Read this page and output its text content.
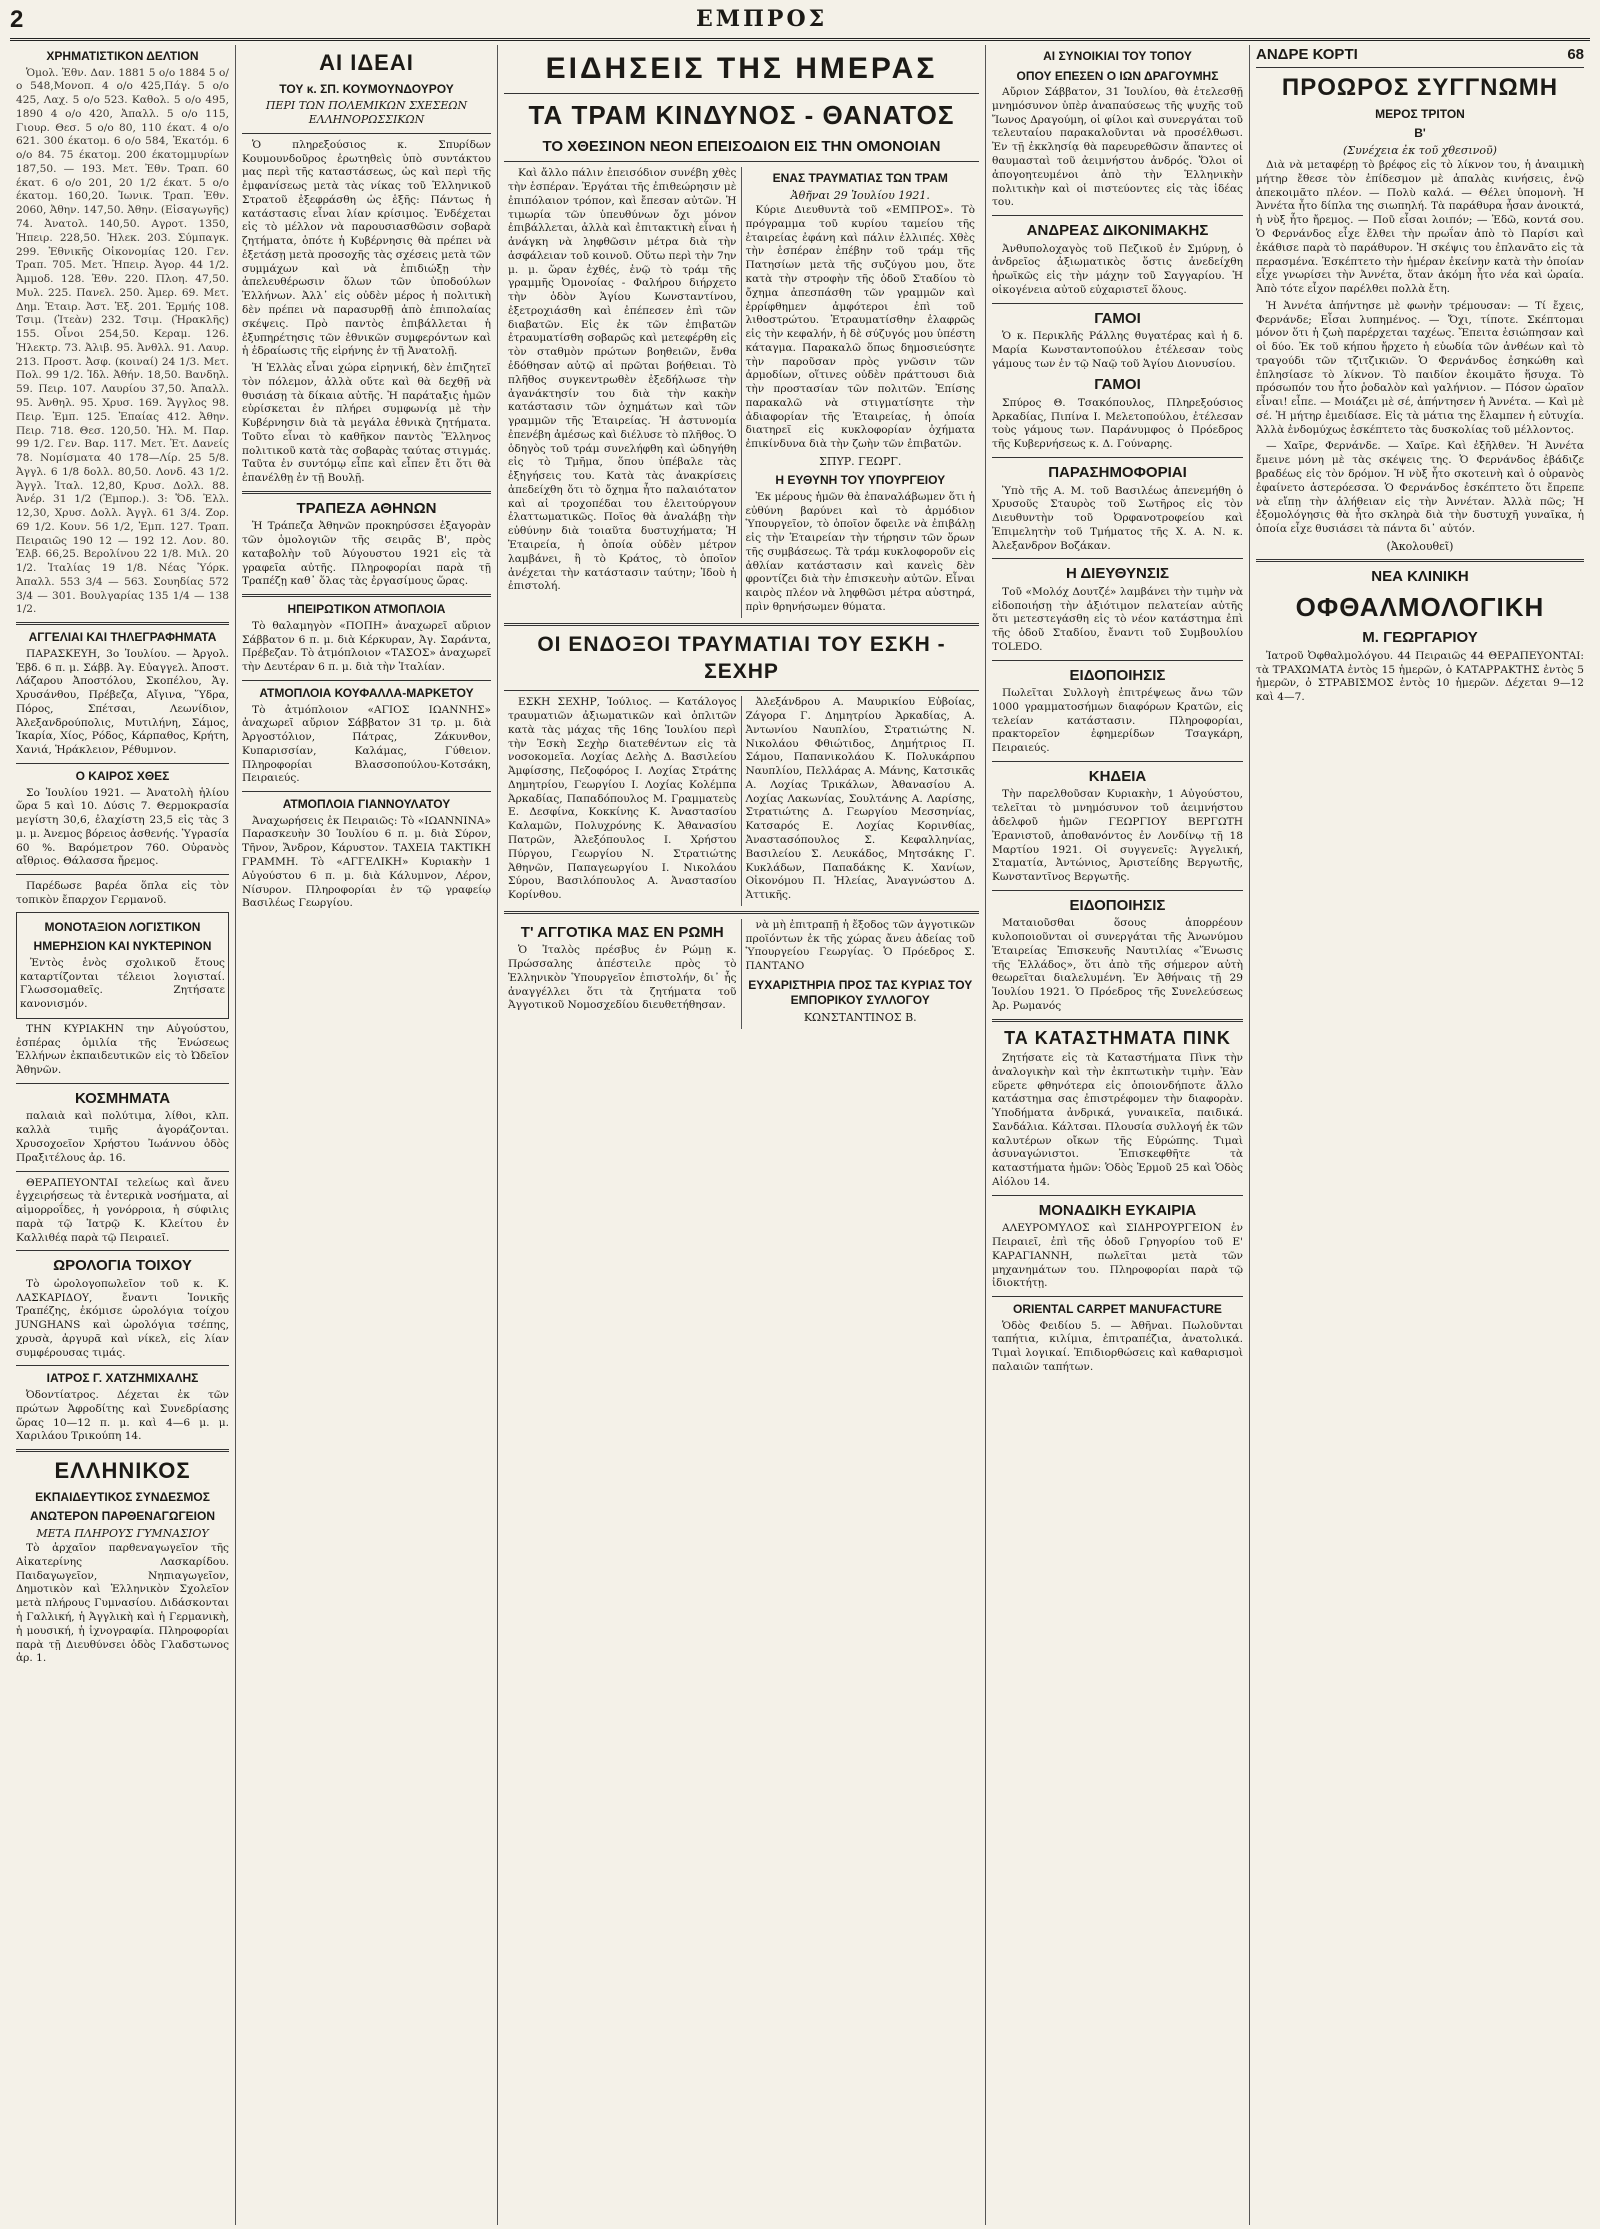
2	ΕΜΠΡΟΣ
ΧΡΗΜΑΤΙΣΤΙΚΟΝ ΔΕΛΤΙΟΝ

Ὁμολ. Ἐθν. Δαν. 1881 5 ο/ο 1884 5 ο/ο 548,Μονοπ. 4 ο/ο 425,Πάγ. 5 ο/ο 425, Λαχ. 5 ο/ο 523. Καθολ. 5 ο/ο 495, 1890 4 ο/ο 420, Ἀπαλλ. 5 ο/ο 115, Γιουρ. Θεσ. 5 ο/ο 80, 110 έκατ. 4 ο/ο 621. 300 έκατομ. 6 ο/ο 584, Ἐκατόμ. 6 ο/ο 84. 75 έκατομ. 200 έκατομμυρίων 187,50. — 193. Μετ. Ἐθν. Τραπ. 60 έκατ. 6 ο/ο 201, 20 1/2 έκατ. 5 ο/ο έκατομ. 160,20. Ἰωνικ. Τραπ. Ἐθν. 2060, Ἀθην. 147,50. Ἀθην. (Εἰσαγωγῆς) 74. Ἀνατολ. 140,50. Αγροτ. 1350, Ἠπειρ. 228,50. Ἠλεκ. 203. Σύμπαγκ. 299. Ἐθνικῆς Οἰκονομίας 120. Γεν. Τραπ. 705. Μετ. Ἠπειρ. Ἀγορ. 44 1/2. Ἀμμοδ. 128. Ἐθν. 220. Πλοη. 47,50. Μυλ. 225. Πανελ. 250. Ἀμερ. 69. Μετ. Δημ. Ἐταιρ. Ἀστ. Ἐξ. 201. Ἑρμής 108. Τσιμ. (Ἰτεὰν) 232. Τσιμ. (Ἡρακλῆς) 155. Οἶνοι 254,50. Κεραμ. 126. Ἠλεκτρ. 73. Ἀλιβ. 95. Ἀνθλλ. 91. Λαυρ. 213. Προστ. Ἀσφ. (κοιναί) 24 1/3. Μετ. Πολ. 99 1/2. Ἰδλ. Ἀθήν. 18,50. Βανδηλ. 59. Πειρ. 107. Λαυρίου 37,50. Ἀπαλλ. 95. Ἀνθηλ. 95. Χρυσ. 169. Ἄγγλος 98. Πειρ. Ἐμπ. 125. Ἐπαίας 412. Ἀθην. Πειρ. 718. Θεσ. 120,50. Ἠλ. Μ. Παρ. 99 1/2. Γεν. Βαρ. 117. Μετ. Ἐτ. Δανείς 78. Νομίσματα 40 178—Λίρ. 25 5/8. Ἀγγλ. 6 1/8 δολλ. 80,50. Λονδ. 43 1/2. Ἀγγλ. Ἰταλ. 12,80, Κρυσ. Δολλ. 88. Ἀνέρ. 31 1/2 (Ἐμπορ.). 3: Ὅδ. Ἐλλ. 12,30, Χρυσ. Δολλ. Ἀγγλ. 61 3/4. Ζορ. 69 1/2. Κουν. 56 1/2, Ἐμπ. 127. Τραπ. Πειραιῶς 190 12 — 192 12. Λον. 80. Ἐλβ. 66,25. Βερολίνου 22 1/8. Μιλ. 20 1/2. Ἰταλίας 19 1/8. Νέας Ὑόρκ. Ἀπαλλ. 553 3/4 — 563. Σουηδίας 572 3/4 — 301. Βουλγαρίας 135 1/4 — 138 1/2.

ΑΓΓΕΛΙΑΙ ΚΑΙ ΤΗΛΕΓΡΑΦΗΜΑΤΑ

ΠΑΡΑΣΚΕΥΗ, 3ο Ἰουλίου. — Ἀργολ. Ἐβδ. 6 π. μ. Σάββ. Ἀγ. Εὐαγγελ. Ἀποστ. Λάζαρου Ἀποστόλου, Σκοπέλου, Ἁγ. Χρυσάνθου, Πρέβεζα, Αἴγινα, Ὕδρα, Πόρος, Σπέτσαι, Λεωνίδιον, Ἀλεξανδρούπολις, Μυτιλήνη, Σάμος, Ἰκαρία, Χίος, Ρόδος, Κάρπαθος, Κρήτη, Χανιά, Ἡράκλειον, Ρέθυμνον.

Ο ΚΑΙΡΟΣ ΧΘΕΣ

Σο Ἰουλίου 1921. — Ἀνατολὴ ἡλίου ὥρα 5 καὶ 10. Δύσις 7. Θερμοκρασία μεγίστη 30,6, ἐλαχίστη 23,5 εἰς τὰς 3 μ. μ. Ἀνεμος βόρειος ἀσθενής. Ὑγρασία 60 %. Βαρόμετρον 760. Οὐρανὸς αἴθριος. Θάλασσα ἤρεμος.

Παρέδωσε βαρέα ὅπλα εἰς τὸν τοπικὸν ἔπαρχον Γερμανοῦ.

ΜΟΝΟΤΑΞΙΟΝ ΛΟΓΙΣΤΙΚΟΝ
ΗΜΕΡΗΣΙΟΝ ΚΑΙ ΝΥΚΤΕΡΙΝΟΝ

Ἐντὸς ἑνὸς σχολικοῦ ἔτους καταρτίζονται τέλειοι λογισταί. Γλωσσομαθεῖς. Ζητήσατε κανονισμόν.

ΤΗΝ ΚΥΡΙΑΚΗΝ την Αὐγούστου, ἐσπέρας ὁμιλία τῆς Ἑνώσεως Ἑλλήνων ἐκπαιδευτικῶν εἰς τὸ Ὠδεῖον Ἀθηνῶν.

ΚΟΣΜΗΜΑΤΑ

παλαιὰ καὶ πολύτιμα, λίθοι, κλπ. καλλὰ τιμῆς ἀγοράζονται. Χρυσοχοεῖον Χρήστου Ἰωάννου ὁδὸς Πραξιτέλους ἀρ. 16.

ΘΕΡΑΠΕΥΟΝΤΑΙ τελείως καὶ ἄνευ ἐγχειρήσεως τὰ ἐντερικὰ νοσήματα, αἱ αἱμορροΐδες, ἡ γονόρροια, ἡ σύφιλις παρὰ τῷ Ἰατρῷ Κ. Κλείτου ἐν Καλλιθέᾳ παρὰ τῷ Πειραιεῖ.

ΩΡΟΛΟΓΙΑ ΤΟΙΧΟΥ

Τὸ ὡρολογοπωλεῖον τοῦ κ. Κ. ΛΑΣΚΑΡΙΔΟΥ, ἔναντι Ἰονικῆς Τραπέζης, ἐκόμισε ὡρολόγια τοίχου JUNGHANS καὶ ὡρολόγια τσέπης, χρυσὰ, ἀργυρᾶ καὶ νίκελ, εἰς λίαν συμφέρουσας τιμάς.

ΙΑΤΡΟΣ Γ. ΧΑΤΖΗΜΙΧΑΛΗΣ

Ὀδοντίατρος. Δέχεται ἐκ τῶν πρώτων Ἀφροδίτης καὶ Συνεδρίασης ὥρας 10—12 π. μ. καὶ 4—6 μ. μ. Χαριλάου Τρικούπη 14.

ΕΛΛΗΝΙΚΟΣ
ΕΚΠΑΙΔΕΥΤΙΚΟΣ ΣΥΝΔΕΣΜΟΣ
ΑΝΩΤΕΡΟΝ ΠΑΡΘΕΝΑΓΩΓΕΙΟΝ
ΜΕΤΑ ΠΛΗΡΟΥΣ ΓΥΜΝΑΣΙΟΥ

Τὸ ἀρχαῖον παρθεναγωγεῖον τῆς Αἰκατερίνης Λασκαρίδου. Παιδαγωγεῖον, Νηπιαγωγεῖον, Δημοτικὸν καὶ Ἑλληνικὸν Σχολεῖον μετὰ πλήρους Γυμνασίου. Διδάσκονται ἡ Γαλλική, ἡ Ἀγγλικὴ καὶ ἡ Γερμανικὴ, ἡ μουσική, ἡ ἰχνογραφία. Πληροφορίαι παρὰ τῇ Διευθύνσει ὁδὸς Γλαδστωνος ἀρ. 1.

ΑΙ ΙΔΕΑΙ
ΤΟΥ κ. ΣΠ. ΚΟΥΜΟΥΝΔΟΥΡΟΥ
ΠΕΡΙ ΤΩΝ ΠΟΛΕΜΙΚΩΝ ΣΧΕΣΕΩΝ ΕΛΛΗΝΟΡΩΣΣΙΚΩΝ

Ὁ πληρεξούσιος κ. Σπυρίδων Κουμουνδοῦρος ἐρωτηθεὶς ὑπὸ συντάκτου μας περὶ τῆς καταστάσεως, ὡς καὶ περὶ τῆς ἐμφανίσεως μετὰ τὰς νίκας τοῦ Ἑλληνικοῦ Στρατοῦ ἐξεφράσθη ὡς ἑξῆς: Πάντως ἡ κατάστασις εἶναι λίαν κρίσιμος. Ἐνδέχεται εἰς τὸ μέλλον νὰ παρουσιασθῶσιν σοβαρὰ ζητήματα, ὁπότε ἡ Κυβέρνησις θὰ πρέπει νὰ ἐξετάσῃ μετὰ προσοχῆς τὰς σχέσεις μετὰ τῶν συμμάχων καὶ νὰ ἐπιδιώξῃ τὴν ἀπελευθέρωσιν ὅλων τῶν ὑποδούλων Ἑλλήνων. Ἀλλ᾽ εἰς οὐδὲν μέρος ἡ πολιτικὴ δὲν πρέπει νὰ παρασυρθῇ ἀπὸ ἐπιπολαίας σκέψεις. Πρὸ παντὸς ἐπιβάλλεται ἡ ἐξυπηρέτησις τῶν ἐθνικῶν συμφερόντων καὶ ἡ ἐδραίωσις τῆς εἰρήνης ἐν τῇ Ἀνατολῇ.

Ἡ Ἑλλὰς εἶναι χώρα εἰρηνική, δὲν ἐπιζητεῖ τὸν πόλεμον, ἀλλὰ οὔτε καὶ θὰ δεχθῇ νὰ θυσιάσῃ τὰ δίκαια αὐτῆς. Ἡ παράταξις ἡμῶν εὑρίσκεται ἐν πλήρει συμφωνίᾳ μὲ τὴν Κυβέρνησιν διὰ τὰ μεγάλα ἐθνικὰ ζητήματα. Τοῦτο εἶναι τὸ καθῆκον παντὸς Ἕλληνος πολιτικοῦ κατὰ τὰς σοβαρὰς ταύτας στιγμάς. Ταῦτα ἐν συντόμῳ εἶπε καὶ εἶπεν ἔτι ὅτι θὰ ἐπανέλθῃ ἐν τῇ Βουλῇ.

ΤΡΑΠΕΖΑ ΑΘΗΝΩΝ

Ἡ Τράπεζα Ἀθηνῶν προκηρύσσει ἐξαγορὰν τῶν ὁμολογιῶν τῆς σειρᾶς Β', πρὸς καταβολὴν τοῦ Ἀύγουστου 1921 εἰς τὰ γραφεῖα αὐτῆς. Πληροφορίαι παρὰ τῇ Τραπέζῃ καθ᾽ ὅλας τὰς ἐργασίμους ὥρας.

ΗΠΕΙΡΩΤΙΚΟΝ ΑΤΜΟΠΛΟΙΑ

Τὸ θαλαμηγὸν «ΠΟΠΗ» ἀναχωρεῖ αὔριον Σάββατον 6 π. μ. διὰ Κέρκυραν, Ἀγ. Σαράντα, Πρέβεζαν. Τὸ ἀτμόπλοιον «ΤΑΣΟΣ» ἀναχωρεῖ τὴν Δευτέραν 6 π. μ. διὰ τὴν Ἰταλίαν.

ΑΤΜΟΠΛΟΙΑ ΚΟΥΦΑΛΛΑ-ΜΑΡΚΕΤΟΥ

Τὸ ἀτμόπλοιον «ΑΓΙΟΣ ΙΩΑΝΝΗΣ» ἀναχωρεῖ αὔριον Σάββατον 31 τρ. μ. διὰ Ἀργοστόλιον, Πάτρας, Ζάκυνθον, Κυπαρισσίαν, Καλάμας, Γύθειον. Πληροφορίαι Βλασσοπούλου-Κοτσάκη, Πειραιεύς.

ΑΤΜΟΠΛΟΙΑ ΓΙΑΝΝΟΥΛΑΤΟΥ

Ἀναχωρήσεις ἐκ Πειραιῶς: Τὸ «ΙΩΑΝΝΙΝΑ» Παρασκευὴν 30 Ἰουλίου 6 π. μ. διὰ Σύρον, Τῆνον, Ἄνδρον, Κάρυστον. ΤΑΧΕΙΑ ΤΑΚΤΙΚΗ ΓΡΑΜΜΗ. Τὸ «ΑΓΓΕΛΙΚΗ» Κυριακὴν 1 Αὐγούστου 6 π. μ. διὰ Κάλυμνον, Λέρον, Νίσυρον. Πληροφορίαι ἐν τῷ γραφείῳ Βασιλέως Γεωργίου.

ΕΙΔΗΣΕΙΣ ΤΗΣ ΗΜΕΡΑΣ
ΤΑ ΤΡΑΜ ΚΙΝΔΥΝΟΣ - ΘΑΝΑΤΟΣ
ΤΟ ΧΘΕΣΙΝΟΝ ΝΕΟΝ ΕΠΕΙΣΟΔΙΟΝ ΕΙΣ ΤΗΝ ΟΜΟΝΟΙΑΝ

Καὶ ἄλλο πάλιν ἐπεισόδιον συνέβη χθὲς τὴν ἑσπέραν. Ἐργάται τῆς ἐπιθεώρησιν μὲ ἐπιπόλαιον τρόπον, καὶ ἔπεσαν αὐτῶν. Ἡ τιμωρία τῶν ὑπευθύνων ὄχι μόνον ἐπιβάλλεται, ἀλλὰ καὶ ἐπιτακτικὴ εἶναι ἡ ἀνάγκη νὰ ληφθῶσιν μέτρα διὰ τὴν ἀσφάλειαν τοῦ κοινοῦ. Οὕτω περὶ τὴν 7ην μ. μ. ὥραν ἐχθές, ἐνῷ τὸ τράμ τῆς γραμμῆς Ὀμονοίας - Φαλήρου διήρχετο τὴν ὁδὸν Ἁγίου Κωνσταντίνου, ἐξετροχιάσθη καὶ ἐπέπεσεν ἐπὶ τῶν διαβατῶν. Εἰς ἐκ τῶν ἐπιβατῶν ἐτραυματίσθη σοβαρῶς καὶ μετεφέρθη εἰς τὸν σταθμὸν πρώτων βοηθειῶν, ἔνθα ἐδόθησαν αὐτῷ αἱ πρῶται βοήθειαι. Τὸ πλῆθος συγκεντρωθὲν ἐξεδήλωσε τὴν ἀγανάκτησίν του διὰ τὴν κακὴν κατάστασιν τῶν ὀχημάτων καὶ τῶν γραμμῶν τῆς Ἑταιρείας. Ἡ ἀστυνομία ἐπενέβη ἀμέσως καὶ διέλυσε τὸ πλῆθος. Ὁ ὁδηγὸς τοῦ τράμ συνελήφθη καὶ ὡδηγήθη εἰς τὸ Τμῆμα, ὅπου ὑπέβαλε τὰς ἐξηγήσεις του. Κατὰ τὰς ἀνακρίσεις ἀπεδείχθη ὅτι τὸ ὄχημα ἦτο παλαιότατον καὶ αἱ τροχοπέδαι του ἐλειτούργουν ἐλαττωματικῶς. Ποῖος θὰ ἀναλάβῃ τὴν εὐθύνην διὰ τοιαῦτα δυστυχήματα; Ἡ Ἑταιρεία, ἡ ὁποία οὐδὲν μέτρον λαμβάνει, ἢ τὸ Κράτος, τὸ ὁποῖον ἀνέχεται τὴν κατάστασιν ταύτην; Ἰδοὺ ἡ ἐπιστολή.

ΕΝΑΣ ΤΡΑΥΜΑΤΙΑΣ ΤΩΝ ΤΡΑΜ
Ἀθῆναι 29 Ἰουλίου 1921.

Κύριε Διευθυντὰ τοῦ «ΕΜΠΡΟΣ». Τὸ πρόγραμμα τοῦ κυρίου ταμείου τῆς ἑταιρείας ἐφάνη καὶ πάλιν ἐλλιπές. Χθὲς τὴν ἑσπέραν ἐπέβην τοῦ τράμ τῆς Πατησίων μετὰ τῆς συζύγου μου, ὅτε κατὰ τὴν στροφὴν τῆς ὁδοῦ Σταδίου τὸ ὄχημα ἀπεσπάσθη τῶν γραμμῶν καὶ ἐρρίφθημεν ἀμφότεροι ἐπὶ τοῦ λιθοστρώτου. Ἐτραυματίσθην ἐλαφρῶς εἰς τὴν κεφαλήν, ἡ δὲ σύζυγός μου ὑπέστη κάταγμα. Παρακαλῶ ὅπως δημοσιεύσητε τὴν παροῦσαν πρὸς γνῶσιν τῶν ἀρμοδίων, οἵτινες οὐδὲν πράττουσι διὰ τὴν προστασίαν τῶν πολιτῶν. Ἐπίσης παρακαλῶ νὰ στιγματίσητε τὴν ἀδιαφορίαν τῆς Ἑταιρείας, ἡ ὁποία διατηρεῖ εἰς κυκλοφορίαν ὀχήματα ἐπικίνδυνα διὰ τὴν ζωὴν τῶν ἐπιβατῶν.

ΣΠΥΡ. ΓΕΩΡΓ.
Η ΕΥΘΥΝΗ ΤΟΥ ΥΠΟΥΡΓΕΙΟΥ

Ἐκ μέρους ἡμῶν θὰ ἐπαναλάβωμεν ὅτι ἡ εὐθύνη βαρύνει καὶ τὸ ἁρμόδιον Ὑπουργεῖον, τὸ ὁποῖον ὄφειλε νὰ ἐπιβάλῃ εἰς τὴν Ἑταιρείαν τὴν τήρησιν τῶν ὅρων τῆς συμβάσεως. Τὰ τράμ κυκλοφοροῦν εἰς ἀθλίαν κατάστασιν καὶ κανεὶς δὲν φροντίζει διὰ τὴν ἐπισκευὴν αὐτῶν. Εἶναι καιρὸς πλέον νὰ ληφθῶσι μέτρα αὐστηρά, πρὶν θρηνήσωμεν θύματα.

ΟΙ ΕΝΔΟΞΟΙ ΤΡΑΥΜΑΤΙΑΙ ΤΟΥ ΕΣΚΗ - ΣΕΧΗΡ

ΕΣΚΗ ΣΕΧΗΡ, Ἰούλιος. — Κατάλογος τραυματιῶν ἀξιωματικῶν καὶ ὁπλιτῶν κατὰ τὰς μάχας τῆς 16ης Ἰουλίου περὶ τὴν Ἐσκὴ Σεχὴρ διατεθέντων εἰς τὰ νοσοκομεῖα. Λοχίας Δελὴς Δ. Βασιλείου Ἀμφίσσης, Πεζοφόρος Ι. Λοχίας Στράτης Δημητρίου, Γεωργίου Ι. Λοχίας Κολέμπα Ἀρκαδίας, Παπαδόπουλος Μ. Γραμματεὺς Ε. Δεσφίνα, Κοκκίνης Κ. Ἀναστασίου Καλαμῶν, Πολυχρόνης Κ. Ἀθανασίου Πατρῶν, Ἀλεξόπουλος Ι. Χρήστου Πύργου, Γεωργίου Ν. Στρατιώτης Ἀθηνῶν, Παπαγεωργίου Ι. Νικολάου Σύρου, Βασιλόπουλος Α. Ἀναστασίου Κορίνθου.

Ἀλεξάνδρου Α. Μαυρικίου Εὐβοίας, Ζάγορα Γ. Δημητρίου Ἀρκαδίας, Α. Ἀντωνίου Ναυπλίου, Στρατιώτης Ν. Νικολάου Φθιώτιδος, Δημήτριος Π. Σάμου, Παπανικολάου Κ. Πολυκάρπου Ναυπλίου, Πελλάρας Α. Μάνης, Κατσικᾶς Α. Λοχίας Τρικάλων, Ἀθανασίου Α. Λοχίας Λακωνίας, Σουλτάνης Α. Λαρίσης, Στρατιώτης Δ. Γεωργίου Μεσσηνίας, Κατσαρός Ε. Λοχίας Κορινθίας, Ἀναστασόπουλος Σ. Κεφαλληνίας, Βασιλείου Σ. Λευκάδος, Μητσάκης Γ. Κυκλάδων, Παπαδάκης Κ. Χανίων, Οἰκονόμου Π. Ἠλείας, Ἀναγνώστου Δ. Ἀττικῆς.

Τ' ΑΓΓΟΤΙΚΑ ΜΑΣ ΕΝ ΡΩΜΗ

Ὁ Ἰταλὸς πρέσβυς ἐν Ρώμῃ κ. Πρώσσαλης ἀπέστειλε πρὸς τὸ Ἑλληνικὸν Ὑπουργεῖον ἐπιστολήν, δι᾽ ἧς ἀναγγέλλει ὅτι τὰ ζητήματα τοῦ Ἀγγοτικοῦ Νομοσχεδίου διευθετήθησαν.

νὰ μὴ ἐπιτραπῇ ἡ ἔξοδος τῶν ἀγγοτικῶν προϊόντων ἐκ τῆς χώρας ἄνευ ἀδείας τοῦ Ὑπουργείου Γεωργίας. Ὁ Πρόεδρος Σ. ΠΑΝΤΑΝΟ

ΕΥΧΑΡΙΣΤΗΡΙΑ ΠΡΟΣ ΤΑΣ ΚΥΡΙΑΣ ΤΟΥ ΕΜΠΟΡΙΚΟΥ ΣΥΛΛΟΓΟΥ
ΚΩΝΣΤΑΝΤΙΝΟΣ Β.
ΑΙ ΣΥΝΟΙΚΙΑΙ ΤΟΥ ΤΟΠΟΥ
ΟΠΟΥ ΕΠΕΣΕΝ Ο ΙΩΝ ΔΡΑΓΟΥΜΗΣ

Αὔριον Σάββατον, 31 Ἰουλίου, θὰ ἐτελεσθῇ μνημόσυνον ὑπὲρ ἀναπαύσεως τῆς ψυχῆς τοῦ Ἴωνος Δραγούμη, οἱ φίλοι καὶ συνεργάται τοῦ τελευταίου παρακαλοῦνται νὰ προσέλθωσι. Ἐν τῇ ἐκκλησίᾳ θὰ παρευρεθῶσιν ἅπαντες οἱ θαυμασταὶ τοῦ ἀειμνήστου ἀνδρός. Ὅλοι οἱ ἀπογοητευμένοι ἀπὸ τὴν Ἑλληνικὴν πολιτικὴν καὶ οἱ πιστεύοντες εἰς τὰς ἰδέας του.

ΑΝΔΡΕΑΣ ΔΙΚΟΝΙΜΑΚΗΣ

Ἀνθυπολοχαγὸς τοῦ Πεζικοῦ ἐν Σμύρνῃ, ὁ ἀνδρεῖος ἀξιωματικὸς ὅστις ἀνεδείχθη ἡρωϊκῶς εἰς τὴν μάχην τοῦ Σαγγαρίου. Ἡ οἰκογένεια αὐτοῦ εὐχαριστεῖ ὅλους.

ΓΑΜΟΙ

Ὁ κ. Περικλῆς Ράλλης θυγατέρας καὶ ἡ δ. Μαρία Κωνσταντοπούλου ἐτέλεσαν τοὺς γάμους των ἐν τῷ Ναῷ τοῦ Ἁγίου Διονυσίου.

ΓΑΜΟΙ

Σπύρος Θ. Τσακόπουλος, Πληρεξούσιος Ἀρκαδίας, Πιπίνα Ι. Μελετοπούλου, ἐτέλεσαν τοὺς γάμους των. Παράνυμφος ὁ Πρόεδρος τῆς Κυβερνήσεως κ. Δ. Γούναρης.

ΠΑΡΑΣΗΜΟΦΟΡΙΑΙ

Ὑπὸ τῆς Α. Μ. τοῦ Βασιλέως ἀπενεμήθη ὁ Χρυσοῦς Σταυρὸς τοῦ Σωτῆρος εἰς τὸν Διευθυντὴν τοῦ Ὀρφανοτροφείου καὶ Ἐπιμελητὴν τοῦ Τμήματος τῆς Χ. Α. Ν. κ. Ἀλεξανδρον Βοζάκαν.

Η ΔΙΕΥΘΥΝΣΙΣ

Τοῦ «Μολόχ Δουτζέ» λαμβάνει τὴν τιμὴν νὰ εἰδοποιήσῃ τὴν ἀξιότιμον πελατείαν αὐτῆς ὅτι μετεστεγάσθη εἰς τὸ νέον κατάστημα ἐπὶ τῆς ὁδοῦ Σταδίου, ἔναντι τοῦ Συμβουλίου TOLEDO.

ΕΙΔΟΠΟΙΗΣΙΣ

Πωλεῖται Συλλογὴ ἐπιτρέψεως ἄνω τῶν 1000 γραμματοσήμων διαφόρων Κρατῶν, εἰς τελείαν κατάστασιν. Πληροφορίαι, πρακτορεῖον ἐφημερίδων Τσαγκάρη, Πειραιεύς.

ΚΗΔΕΙΑ

Τὴν παρελθοῦσαν Κυριακὴν, 1 Αὐγούστου, τελεῖται τὸ μνημόσυνον τοῦ ἀειμνήστου ἀδελφοῦ ἡμῶν ΓΕΩΡΓΙΟΥ ΒΕΡΓΩΤΗ Ἐρανιστοῦ, ἀποθανόντος ἐν Λονδίνῳ τῇ 18 Μαρτίου 1921. Οἱ συγγενεῖς: Ἀγγελική, Σταματία, Ἀντώνιος, Ἀριστείδης Βεργωτῆς, Κωνσταντῖνος Βεργωτῆς.

ΕΙΔΟΠΟΙΗΣΙΣ

Ματαιοῦσθαι ὅσους ἀπορρέουν κυλοποιοῦνται οἱ συνεργάται τῆς Ἀνωνύμου Ἑταιρείας Ἐπισκευῆς Ναυτιλίας «Ἕνωσις τῆς Ἑλλάδος», ὅτι ἀπὸ τῆς σήμερον αὐτὴ θεωρεῖται διαλελυμένη. Ἐν Ἀθήναις τῇ 29 Ἰουλίου 1921. Ὁ Πρόεδρος τῆς Συνελεύσεως Ἀρ. Ρωμανός

ΤΑ ΚΑΤΑΣΤΗΜΑΤΑ ΠΙΝΚ

Ζητήσατε εἰς τὰ Καταστήματα Πὶνκ τὴν ἀναλογικὴν καὶ τὴν ἐκπτωτικὴν τιμὴν. Ἐὰν εὕρετε φθηνότερα εἰς ὁποιονδήποτε ἄλλο κατάστημα σας ἐπιστρέφομεν τὴν διαφορὰν. Ὑποδήματα ἀνδρικά, γυναικεῖα, παιδικά. Σανδάλια. Κάλτσαι. Πλουσία συλλογή ἐκ τῶν καλυτέρων οἴκων τῆς Εὐρώπης. Τιμαὶ ἀσυναγώνιστοι. Ἐπισκεφθῆτε τὰ καταστήματα ἡμῶν: Ὁδὸς Ἑρμοῦ 25 καὶ Ὁδὸς Αἰόλου 14.

ΜΟΝΑΔΙΚΗ ΕΥΚΑΙΡΙΑ

ΑΛΕΥΡΟΜΥΛΟΣ καὶ ΣΙΔΗΡΟΥΡΓΕΙΟΝ ἐν Πειραιεῖ, ἐπὶ τῆς ὁδοῦ Γρηγορίου τοῦ Ε' ΚΑΡΑΓΙΑΝΝΗ, πωλεῖται μετὰ τῶν μηχανημάτων του. Πληροφορίαι παρὰ τῷ ἰδιοκτήτῃ.

ORIENTAL CARPET MANUFACTURE

Ὁδὸς Φειδίου 5. — Ἀθῆναι. Πωλοῦνται ταπήτια, κιλίμια, ἐπιτραπέζια, ἀνατολικά. Τιμαὶ λογικαί. Ἐπιδιορθώσεις καὶ καθαρισμοὶ παλαιῶν ταπήτων.

ΑΝΔΡΕ ΚΟΡΤΙ	68
ΠΡΟΩΡΟΣ ΣΥΓΓΝΩΜΗ
ΜΕΡΟΣ ΤΡΙΤΟΝ
Β'
(Συνέχεια ἐκ τοῦ χθεσινοῦ)

Διὰ νὰ μεταφέρῃ τὸ βρέφος εἰς τὸ λίκνον του, ἡ ἀναιμικὴ μήτηρ ἔθεσε τὸν ἐπίδεσμον μὲ ἀπαλὰς κινήσεις, ἐνῷ ἀπεκοιμᾶτο πλέον. — Πολὺ καλά. — Θέλει ὑπομονὴ. Ἡ Ἀννέτα ἦτο δίπλα της σιωπηλή. Τὰ παράθυρα ἦσαν ἀνοικτά, ἡ νὺξ ἦτο ἤρεμος. — Ποῦ εἶσαι λοιπόν; — Ἐδῶ, κοντά σου. Ὁ Φερνάνδος εἶχε ἔλθει τὴν πρωΐαν ἀπὸ τὸ Παρίσι καὶ ἐκάθισε παρὰ τὸ παράθυρον. Ἡ σκέψις του ἐπλανᾶτο εἰς τὰ περασμένα. Ἐσκέπτετο τὴν ἡμέραν ἐκείνην κατὰ τὴν ὁποίαν εἶχε γνωρίσει τὴν Ἀννέτα, ὅταν ἀκόμη ἦτο νέα καὶ ὡραία. Ἀπὸ τότε εἶχον παρέλθει πολλὰ ἔτη.

Ἡ Ἀννέτα ἀπήντησε μὲ φωνὴν τρέμουσαν: — Τί ἔχεις, Φερνάνδε; Εἶσαι λυπημένος. — Ὄχι, τίποτε. Σκέπτομαι μόνον ὅτι ἡ ζωὴ παρέρχεται ταχέως. Ἔπειτα ἐσιώπησαν καὶ οἱ δύο. Ἐκ τοῦ κήπου ἤρχετο ἡ εὐωδία τῶν ἀνθέων καὶ τὸ τραγούδι τῶν τζιτζικιῶν. Ὁ Φερνάνδος ἐσηκώθη καὶ ἐπλησίασε τὸ λίκνον. Τὸ παιδίον ἐκοιμᾶτο ἥσυχα. Τὸ πρόσωπόν του ἦτο ῥοδαλὸν καὶ γαλήνιον. — Πόσον ὡραῖον εἶναι! εἶπε. — Μοιάζει μὲ σέ, ἀπήντησεν ἡ Ἀννέτα. — Καὶ μὲ σέ. Ἡ μήτηρ ἐμειδίασε. Εἰς τὰ μάτια της ἔλαμπεν ἡ εὐτυχία. Ἀλλὰ ἐνδομύχως ἐσκέπτετο τὰς δυσκολίας τοῦ μέλλοντος.

— Χαῖρε, Φερνάνδε. — Χαῖρε. Καὶ ἐξῆλθεν. Ἡ Ἀννέτα ἔμεινε μόνη μὲ τὰς σκέψεις της. Ὁ Φερνάνδος ἐβάδιζε βραδέως εἰς τὸν δρόμον. Ἡ νὺξ ἦτο σκοτεινὴ καὶ ὁ οὐρανὸς ἐφαίνετο ἀστερόεσσα. Ὁ Φερνάνδος ἐσκέπτετο ὅτι ἔπρεπε νὰ εἴπῃ τὴν ἀλήθειαν εἰς τὴν Ἀννέταν. Ἀλλὰ πῶς; Ἡ ἐξομολόγησις θὰ ἦτο σκληρὰ διὰ τὴν δυστυχῆ γυναῖκα, ἡ ὁποία εἶχε θυσιάσει τὰ πάντα δι᾽ αὐτόν.

(Ἀκολουθεῖ)
ΝΕΑ ΚΛΙΝΙΚΗ
ΟΦΘΑΛΜΟΛΟΓΙΚΗ
Μ. ΓΕΩΡΓΑΡΙΟΥ

Ἰατροῦ Ὀφθαλμολόγου. 44 Πειραιῶς 44 ΘΕΡΑΠΕΥΟΝΤΑΙ: τὰ ΤΡΑΧΩΜΑΤΑ ἐντὸς 15 ἡμερῶν, ὁ ΚΑΤΑΡΡΑΚΤΗΣ ἐντὸς 5 ἡμερῶν, ὁ ΣΤΡΑΒΙΣΜΟΣ ἐντὸς 10 ἡμερῶν. Δέχεται 9—12 καὶ 4—7.
